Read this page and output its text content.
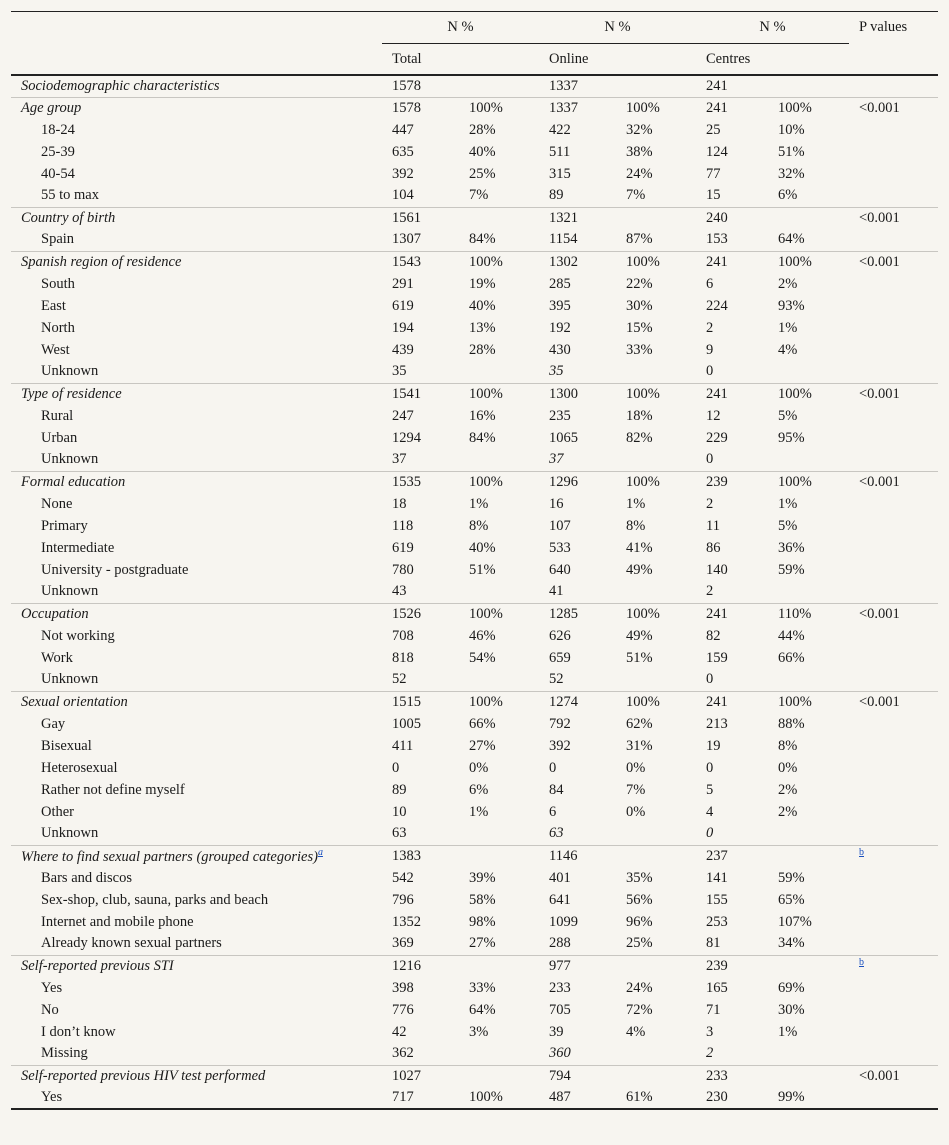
	N %		N %		N %		P values
	Total		Online		Centres		
Sociodemographic characteristics	1578		1337		241		
Age group	1578	100%	1337	100%	241	100%	<0.001
18-24	447	28%	422	32%	25	10%	
25-39	635	40%	511	38%	124	51%	
40-54	392	25%	315	24%	77	32%	
55 to max	104	7%	89	7%	15	6%	
Country of birth	1561		1321		240		<0.001
Spain	1307	84%	1154	87%	153	64%	
Spanish region of residence	1543	100%	1302	100%	241	100%	<0.001
South	291	19%	285	22%	6	2%	
East	619	40%	395	30%	224	93%	
North	194	13%	192	15%	2	1%	
West	439	28%	430	33%	9	4%	
Unknown	35		35		0		
Type of residence	1541	100%	1300	100%	241	100%	<0.001
Rural	247	16%	235	18%	12	5%	
Urban	1294	84%	1065	82%	229	95%	
Unknown	37		37		0		
Formal education	1535	100%	1296	100%	239	100%	<0.001
None	18	1%	16	1%	2	1%	
Primary	118	8%	107	8%	11	5%	
Intermediate	619	40%	533	41%	86	36%	
University - postgraduate	780	51%	640	49%	140	59%	
Unknown	43		41		2		
Occupation	1526	100%	1285	100%	241	110%	<0.001
Not working	708	46%	626	49%	82	44%	
Work	818	54%	659	51%	159	66%	
Unknown	52		52		0		
Sexual orientation	1515	100%	1274	100%	241	100%	<0.001
Gay	1005	66%	792	62%	213	88%	
Bisexual	411	27%	392	31%	19	8%	
Heterosexual	0	0%	0	0%	0	0%	
Rather not define myself	89	6%	84	7%	5	2%	
Other	10	1%	6	0%	4	2%	
Unknown	63		63		0		
Where to find sexual partners (grouped categories)$^a$	1383		1146		237		$^b$
Bars and discos	542	39%	401	35%	141	59%	
Sex-shop, club, sauna, parks and beach	796	58%	641	56%	155	65%	
Internet and mobile phone	1352	98%	1099	96%	253	107%	
Already known sexual partners	369	27%	288	25%	81	34%	
Self-reported previous STI	1216		977		239		$^b$
Yes	398	33%	233	24%	165	69%	
No	776	64%	705	72%	71	30%	
I don’t know	42	3%	39	4%	3	1%	
Missing	362		360		2		
Self-reported previous HIV test performed	1027		794		233		<0.001
Yes	717	100%	487	61%	230	99%	
